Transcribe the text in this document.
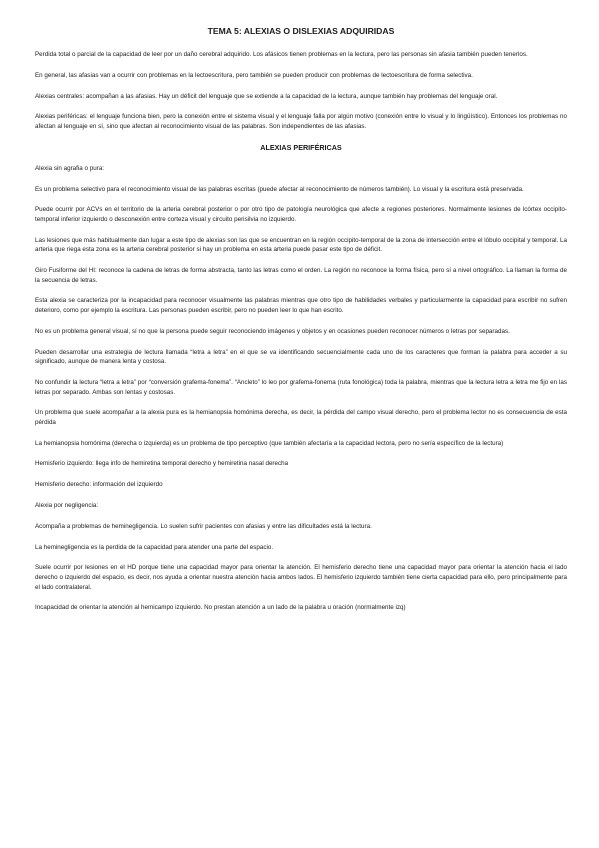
TEMA 5: ALEXIAS O DISLEXIAS ADQUIRIDAS

Perdida total o parcial de la capacidad de leer por un daño cerebral adquirido. Los afásicos tienen problemas en la lectura, pero las personas sin afasia también pueden tenerlos.

En general, las afasias van a ocurrir con problemas en la lectoescritura, pero también se pueden producir con problemas de lectoescritura de forma selectiva.

Alexias centrales: acompañan a las afasias. Hay un déficit del lenguaje que se extiende a la capacidad de la lectura, aunque también hay problemas del lenguaje oral.

Alexias periféricas: el lenguaje funciona bien, pero la conexión entre el sistema visual y el lenguaje falla por algún motivo (conexión entre lo visual y lo lingüístico). Entonces los problemas no afectan al lenguaje en sí, sino que afectan al reconocimiento visual de las palabras. Son independientes de las afasias.

ALEXIAS PERIFÉRICAS

Alexia sin agrafia o pura:

Es un problema selectivo para el reconocimiento visual de las palabras escritas (puede afectar al reconocimiento de números también). Lo visual y la escritura está preservada.

Puede ocurrir por ACVs en el territorio de la arteria cerebral posterior o por otro tipo de patología neurológica que afecte a regiones posteriores. Normalmente lesiones de lcórtex occipito- temporal inferior izquierdo o desconexión entre corteza visual y circuito perisilvia no izquierdo.

Las lesiones que más habitualmente dan lugar a este tipo de alexias son las que se encuentran en la región occipito-temporal de la zona de intersección entre el lóbulo occipital y temporal. La arteria que riega esta zona es la arteria cerebral posterior si hay un problema en esta arteria puede pasar este tipo de déficit.

Giro Fusiforme del HI: reconoce la cadena de letras de forma abstracta, tanto las letras como el orden. La región no reconoce la forma física, pero sí a nivel ortográfico. La llaman la forma de la secuencia de letras.

Esta alexia se caracteriza por la incapacidad para reconocer visualmente las palabras mientras que otro tipo de habilidades verbales y particularmente la capacidad para escribir no sufren deterioro, como por ejemplo la escritura. Las personas pueden escribir, pero no pueden leer lo que han escrito.

No es un problema general visual, sí no que la persona puede seguir reconociendo imágenes y objetos y en ocasiones pueden reconocer números o letras por separadas.

Pueden desarrollar una estrategia de lectura llamada “letra a letra” en el que se va identificando secuencialmente cada uno de los caracteres que forman la palabra para acceder a su significado, aunque de manera lenta y costosa.

No confundir la lectura “letra a letra” por “conversión grafema-fonema”. “Ancleto” lo leo por grafema-fonema (ruta fonológica) toda la palabra, mientras que la lectura letra a letra me fijo en las letras por separado. Ambas son lentas y costosas.

Un problema que suele acompañar a la alexia pura es la hemianopsia homónima derecha, es decir, la pérdida del campo visual derecho, pero el problema lector no es consecuencia de esta pérdida

La hemianopsia homónima (derecha o izquierda) es un problema de tipo perceptivo (que también afectaría a la capacidad lectora, pero no sería específico de la lectura)

Hemisferio izquierdo: llega info de hemiretina temporal derecho y hemiretina nasal derecha

Hemisferio derecho: información del izquierdo

Alexia por negligencia:

Acompaña a problemas de heminegligencia. Lo suelen sufrir pacientes con afasias y entre las dificultades está la lectura.

La heminegligencia es la perdida de la capacidad para atender una parte del espacio.

Suele ocurrir por lesiones en el HD porque tiene una capacidad mayor para orientar la atención. El hemisferio derecho tiene una capacidad mayor para orientar la atención hacia el lado derecho o izquierdo del espacio, es decir, nos ayuda a orientar nuestra atención hacia ambos lados. El hemisferio izquierdo también tiene cierta capacidad para ello, pero principalmente para el lado contralateral.

Incapacidad de orientar la atención al hemicampo izquierdo. No prestan atención a un lado de la palabra u oración (normalmente izq)
